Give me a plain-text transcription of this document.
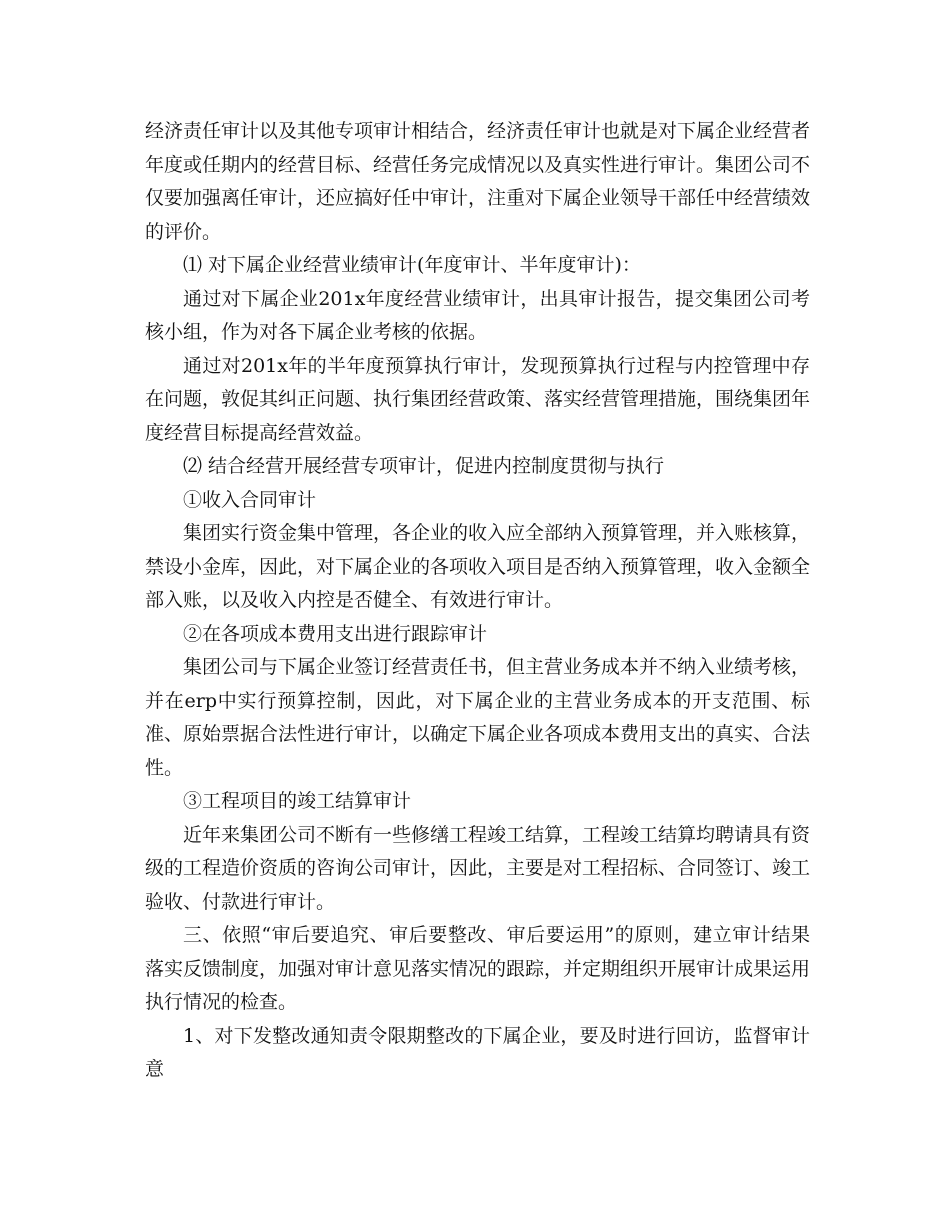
经济责任审计以及其他专项审计相结合，经济责任审计也就是对下属企业经营者年度或任期内的经营目标、经营任务完成情况以及真实性进行审计。集团公司不仅要加强离任审计，还应搞好任中审计，注重对下属企业领导干部任中经营绩效的评价。

⑴ 对下属企业经营业绩审计(年度审计、半年度审计)：

通过对下属企业201x年度经营业绩审计，出具审计报告，提交集团公司考核小组，作为对各下属企业考核的依据。

通过对201x年的半年度预算执行审计，发现预算执行过程与内控管理中存在问题，敦促其纠正问题、执行集团经营政策、落实经营管理措施，围绕集团年度经营目标提高经营效益。

⑵ 结合经营开展经营专项审计，促进内控制度贯彻与执行

①收入合同审计

集团实行资金集中管理，各企业的收入应全部纳入预算管理，并入账核算，禁设小金库，因此，对下属企业的各项收入项目是否纳入预算管理，收入金额全部入账，以及收入内控是否健全、有效进行审计。

②在各项成本费用支出进行跟踪审计

集团公司与下属企业签订经营责任书，但主营业务成本并不纳入业绩考核，并在erp中实行预算控制，因此，对下属企业的主营业务成本的开支范围、标准、原始票据合法性进行审计，以确定下属企业各项成本费用支出的真实、合法性。

③工程项目的竣工结算审计

近年来集团公司不断有一些修缮工程竣工结算，工程竣工结算均聘请具有资级的工程造价资质的咨询公司审计，因此，主要是对工程招标、合同签订、竣工验收、付款进行审计。

三、依照“审后要追究、审后要整改、审后要运用”的原则，建立审计结果落实反馈制度，加强对审计意见落实情况的跟踪，并定期组织开展审计成果运用执行情况的检查。

1、对下发整改通知责令限期整改的下属企业，要及时进行回访，监督审计意
